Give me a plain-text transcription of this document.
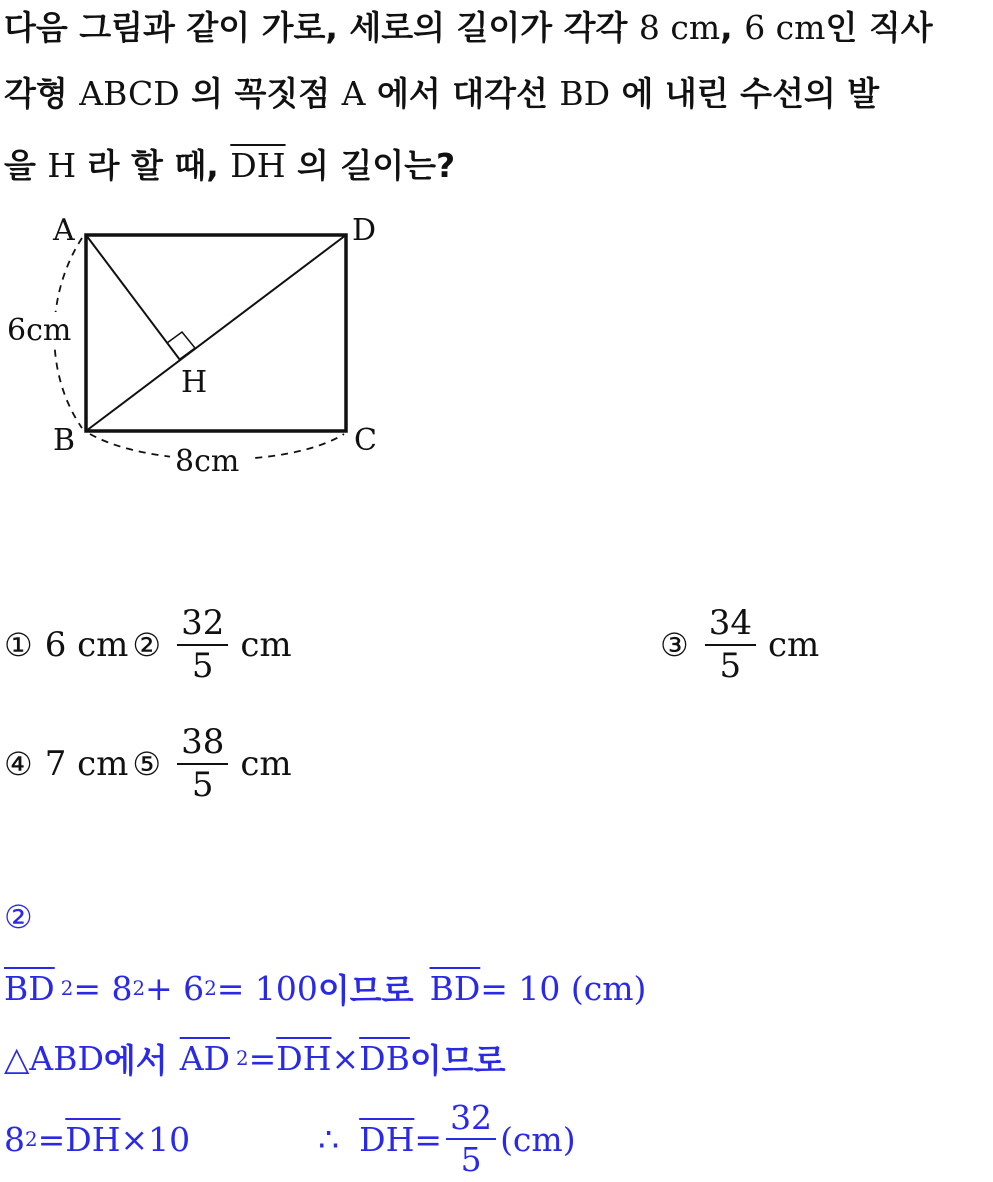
다음 그림과 같이 가로, 세로의 길이가 각각 8 cm, 6 cm인 직사
각형 ABCD 의 꼭짓점 A 에서 대각선 BD 에 내린 수선의 발
을 H 라 할 때, $\overline{DH}$ 의 길이는?
A	D
B	C
H
6cm
8cm
① 6 cm ② $\frac{32}{5}$ cm	③ $\frac{34}{5}$ cm
④ 7 cm ⑤ $\frac{38}{5}$ cm
②
$\overline{BD}$ 2 = 8 2 + 6 2 = 100 이므로 $\overline{BD} = 10$ (cm)
△ABD 에서 $\overline{AD}$ $2 = \overline{DH} \times \overline{DB}$ 이므로
8 $2 = \overline{DH} \times 10$	∴ $\overline{DH} = \frac{32}{5} (cm)$
